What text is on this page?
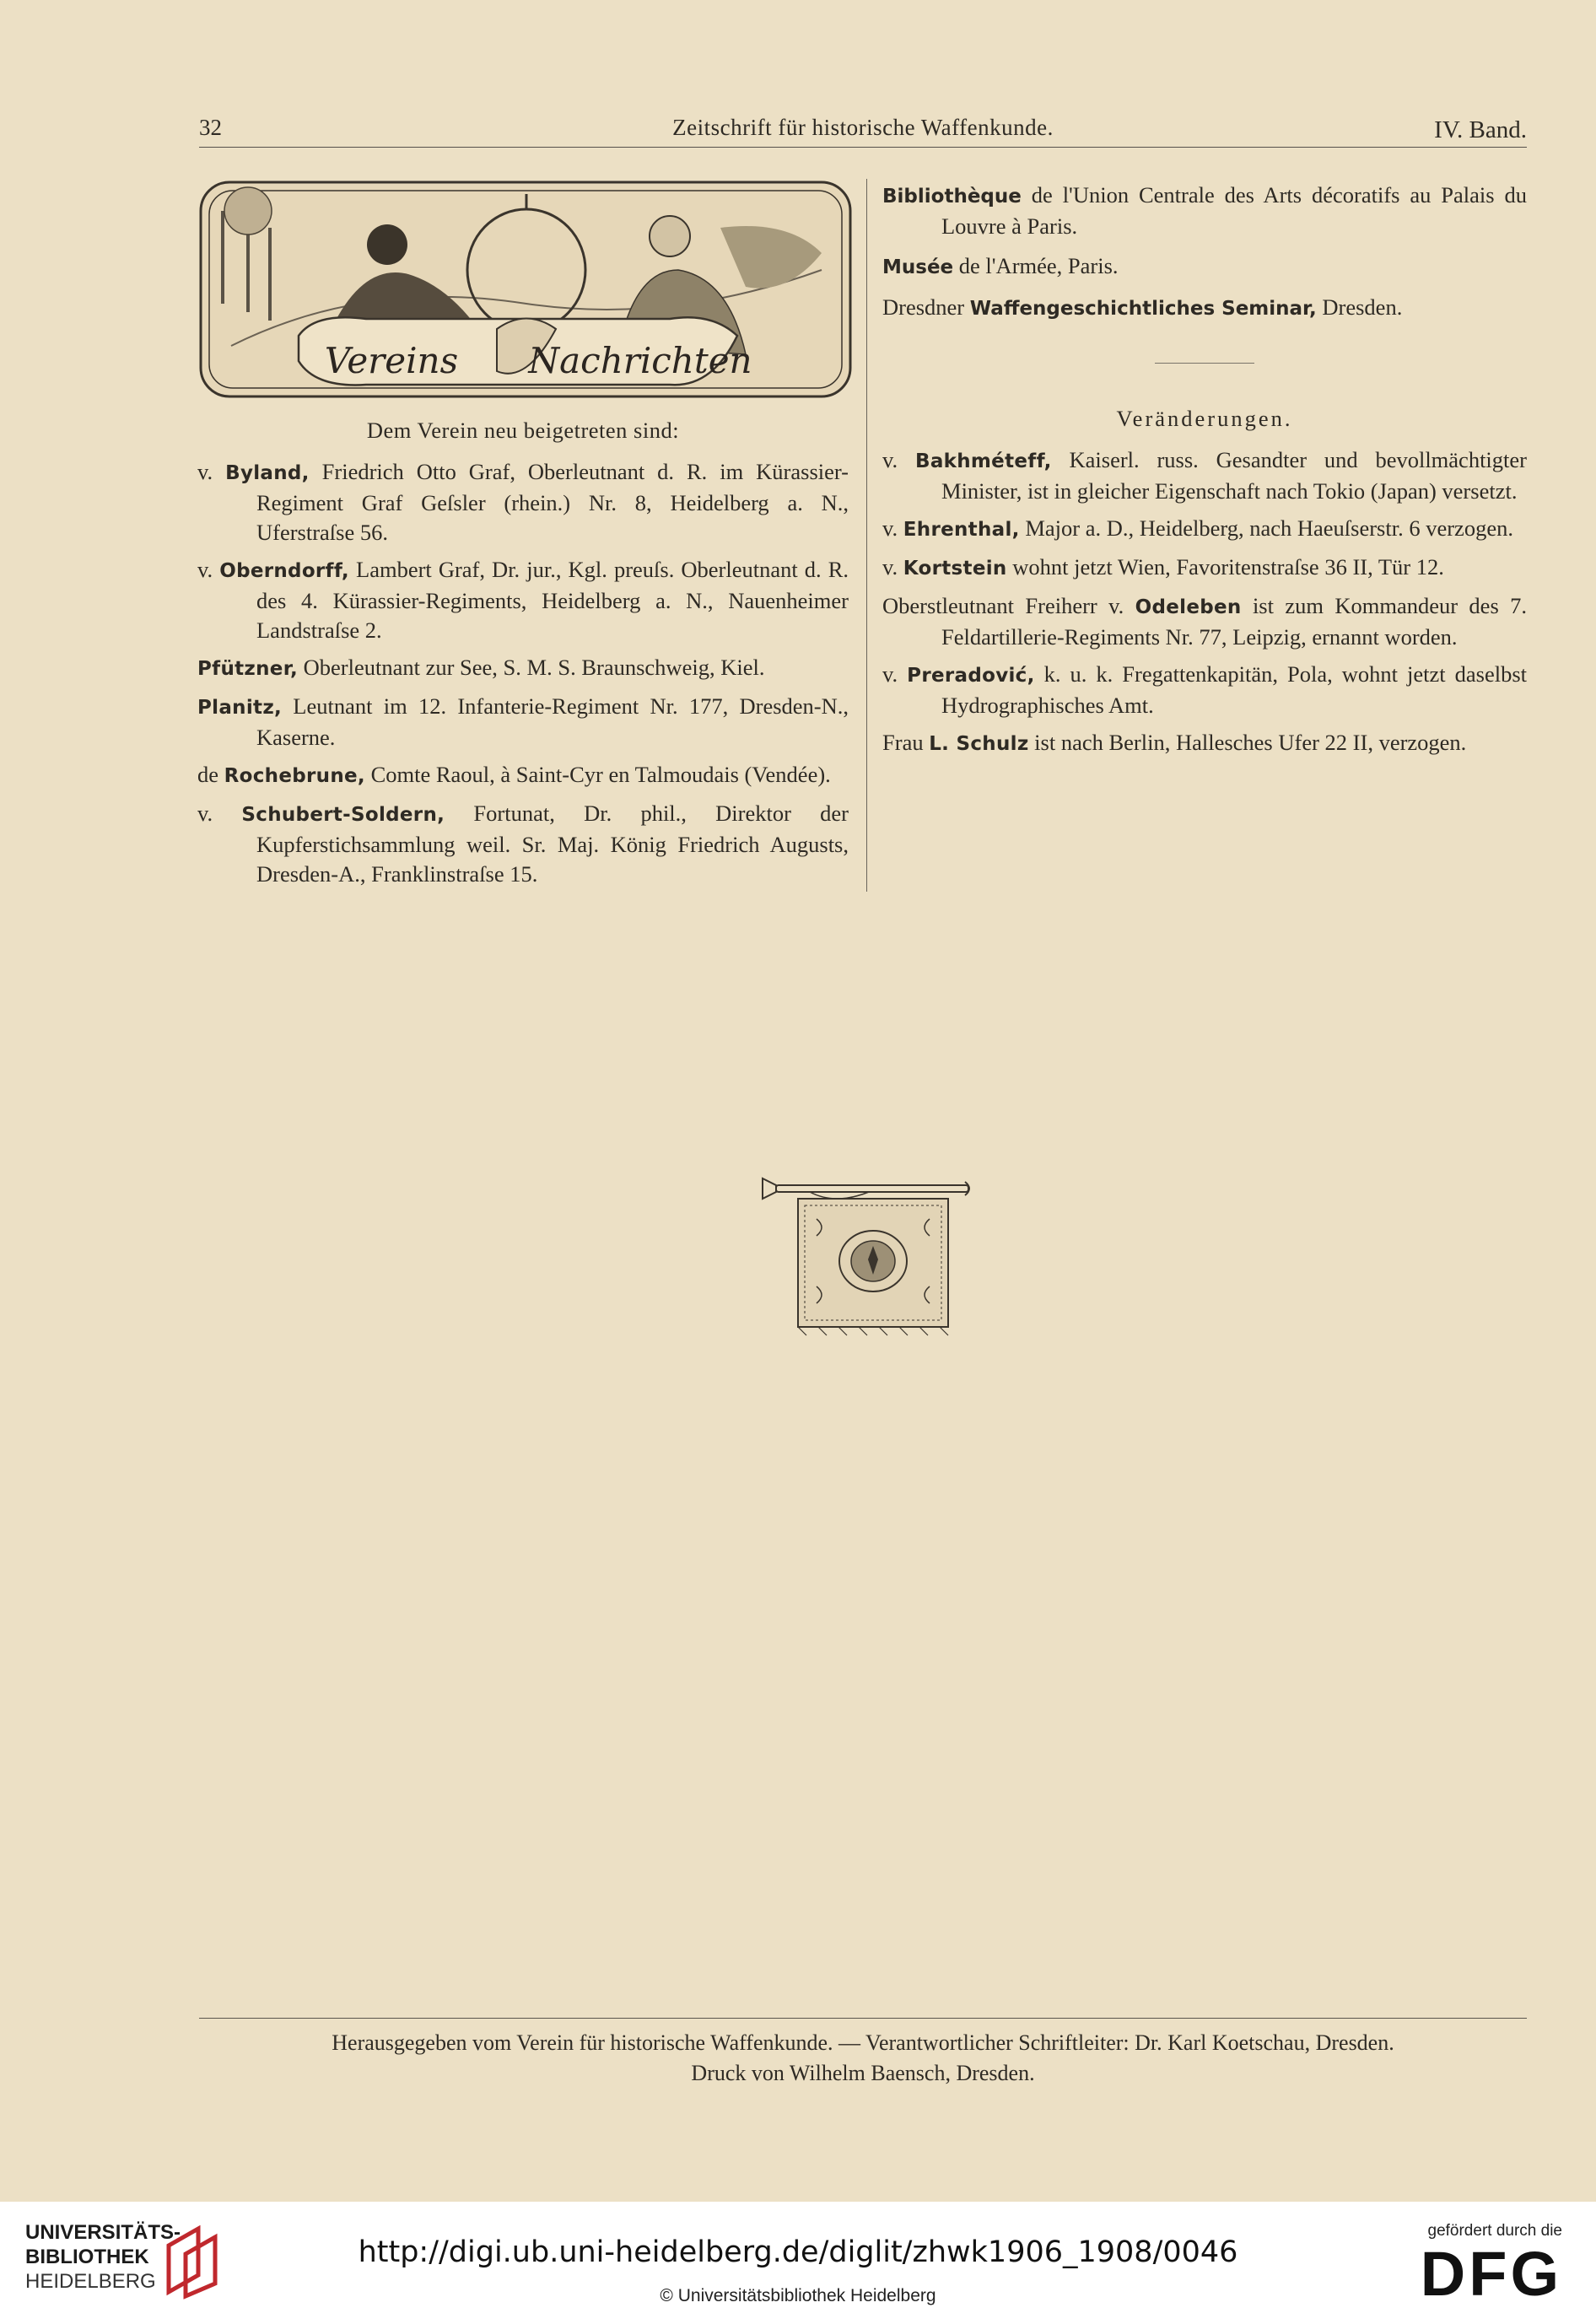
32	Zeitschrift für historische Waffenkunde.	IV. Band.
Vereins Nachrichten
Dem Verein neu beigetreten sind:

v. Byland, Friedrich Otto Graf, Oberleutnant d. R. im Kürassier-Regiment Graf Geſsler (rhein.) Nr. 8, Heidelberg a. N., Uferstraſse 56.

v. Oberndorff, Lambert Graf, Dr. jur., Kgl. preuſs. Oberleutnant d. R. des 4. Kürassier-Regiments, Heidelberg a. N., Nauenheimer Landstraſse 2.

Pfützner, Oberleutnant zur See, S. M. S. Braunschweig, Kiel.

Planitz, Leutnant im 12. Infanterie-Regiment Nr. 177, Dresden-N., Kaserne.

de Rochebrune, Comte Raoul, à Saint-Cyr en Talmoudais (Vendée).

v. Schubert-Soldern, Fortunat, Dr. phil., Direktor der Kupferstichsammlung weil. Sr. Maj. König Friedrich Augusts, Dresden-A., Franklinstraſse 15.

Bibliothèque de l'Union Centrale des Arts décoratifs au Palais du Louvre à Paris.

Musée de l'Armée, Paris.

Dresdner Waffengeschichtliches Seminar, Dresden.

Veränderungen.

v. Bakhméteff, Kaiserl. russ. Gesandter und bevollmächtigter Minister, ist in gleicher Eigenschaft nach Tokio (Japan) versetzt.

v. Ehrenthal, Major a. D., Heidelberg, nach Haeuſserstr. 6 verzogen.

v. Kortstein wohnt jetzt Wien, Favoritenstraſse 36 II, Tür 12.

Oberstleutnant Freiherr v. Odeleben ist zum Kommandeur des 7. Feldartillerie-Regiments Nr. 77, Leipzig, ernannt worden.

v. Preradović, k. u. k. Fregattenkapitän, Pola, wohnt jetzt daselbst Hydrographisches Amt.

Frau L. Schulz ist nach Berlin, Hallesches Ufer 22 II, verzogen.

Herausgegeben vom Verein für historische Waffenkunde. — Verantwortlicher Schriftleiter: Dr. Karl Koetschau, Dresden.
Druck von Wilhelm Baensch, Dresden.
UNIVERSITÄTS-
BIBLIOTHEK
HEIDELBERG
http://digi.ub.uni-heidelberg.de/diglit/zhwk1906_1908/0046
© Universitätsbibliothek Heidelberg
gefördert durch die
DFG
